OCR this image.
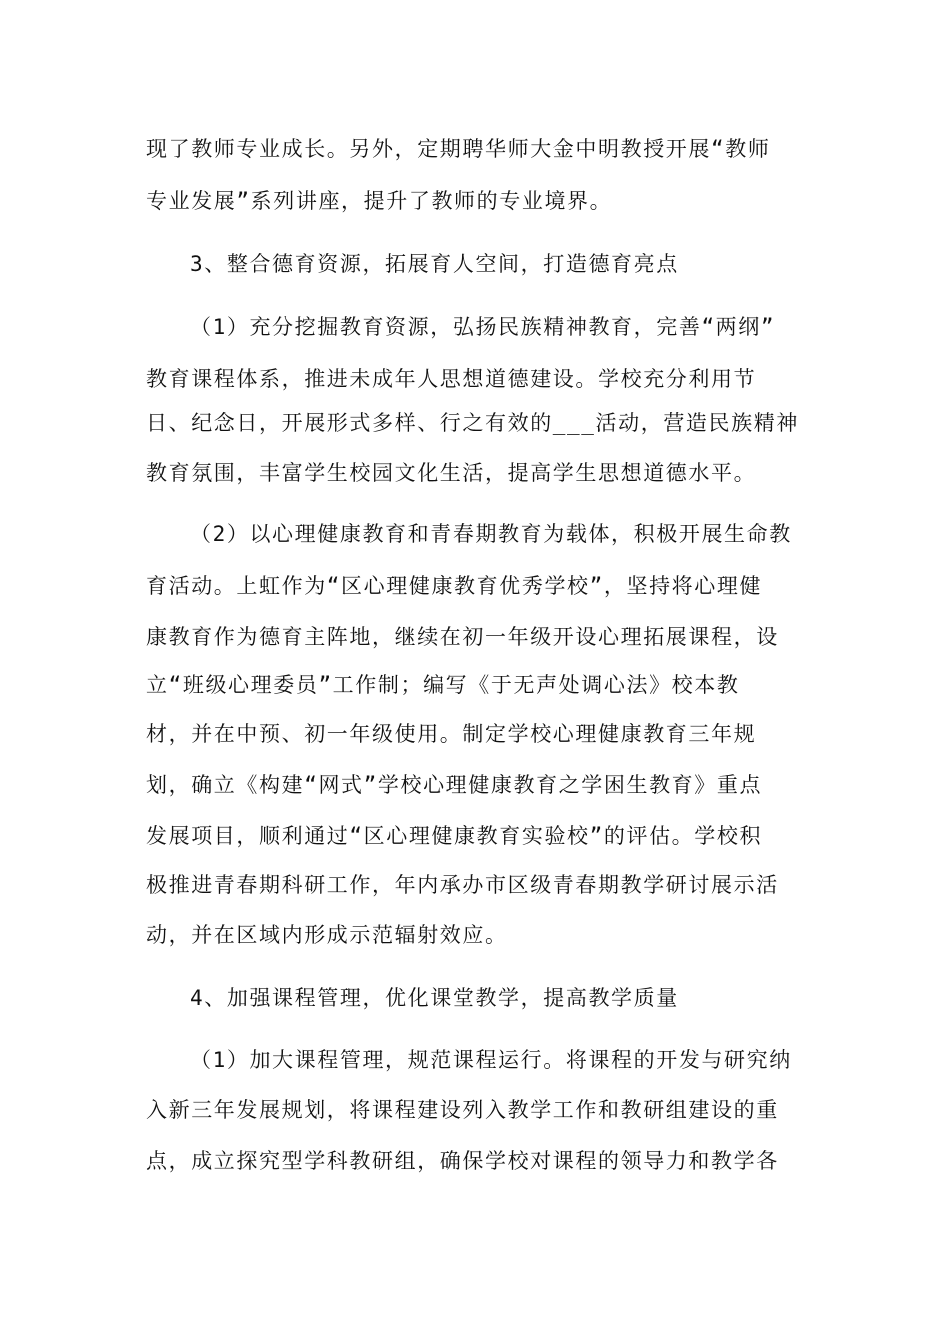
现了教师专业成长。另外，定期聘华师大金中明教授开展“教师
专业发展”系列讲座，提升了教师的专业境界。
3、整合德育资源，拓展育人空间，打造德育亮点
（1）充分挖掘教育资源，弘扬民族精神教育，完善“两纲”
教育课程体系，推进未成年人思想道德建设。学校充分利用节
日、纪念日，开展形式多样、行之有效的___活动，营造民族精神
教育氛围，丰富学生校园文化生活，提高学生思想道德水平。
（2）以心理健康教育和青春期教育为载体，积极开展生命教
育活动。上虹作为“区心理健康教育优秀学校”，坚持将心理健
康教育作为德育主阵地，继续在初一年级开设心理拓展课程，设
立“班级心理委员”工作制；编写《于无声处调心法》校本教
材，并在中预、初一年级使用。制定学校心理健康教育三年规
划，确立《构建“网式”学校心理健康教育之学困生教育》重点
发展项目，顺利通过“区心理健康教育实验校”的评估。学校积
极推进青春期科研工作，年内承办市区级青春期教学研讨展示活
动，并在区域内形成示范辐射效应。
4、加强课程管理，优化课堂教学，提高教学质量
（1）加大课程管理，规范课程运行。将课程的开发与研究纳
入新三年发展规划，将课程建设列入教学工作和教研组建设的重
点，成立探究型学科教研组，确保学校对课程的领导力和教学各
